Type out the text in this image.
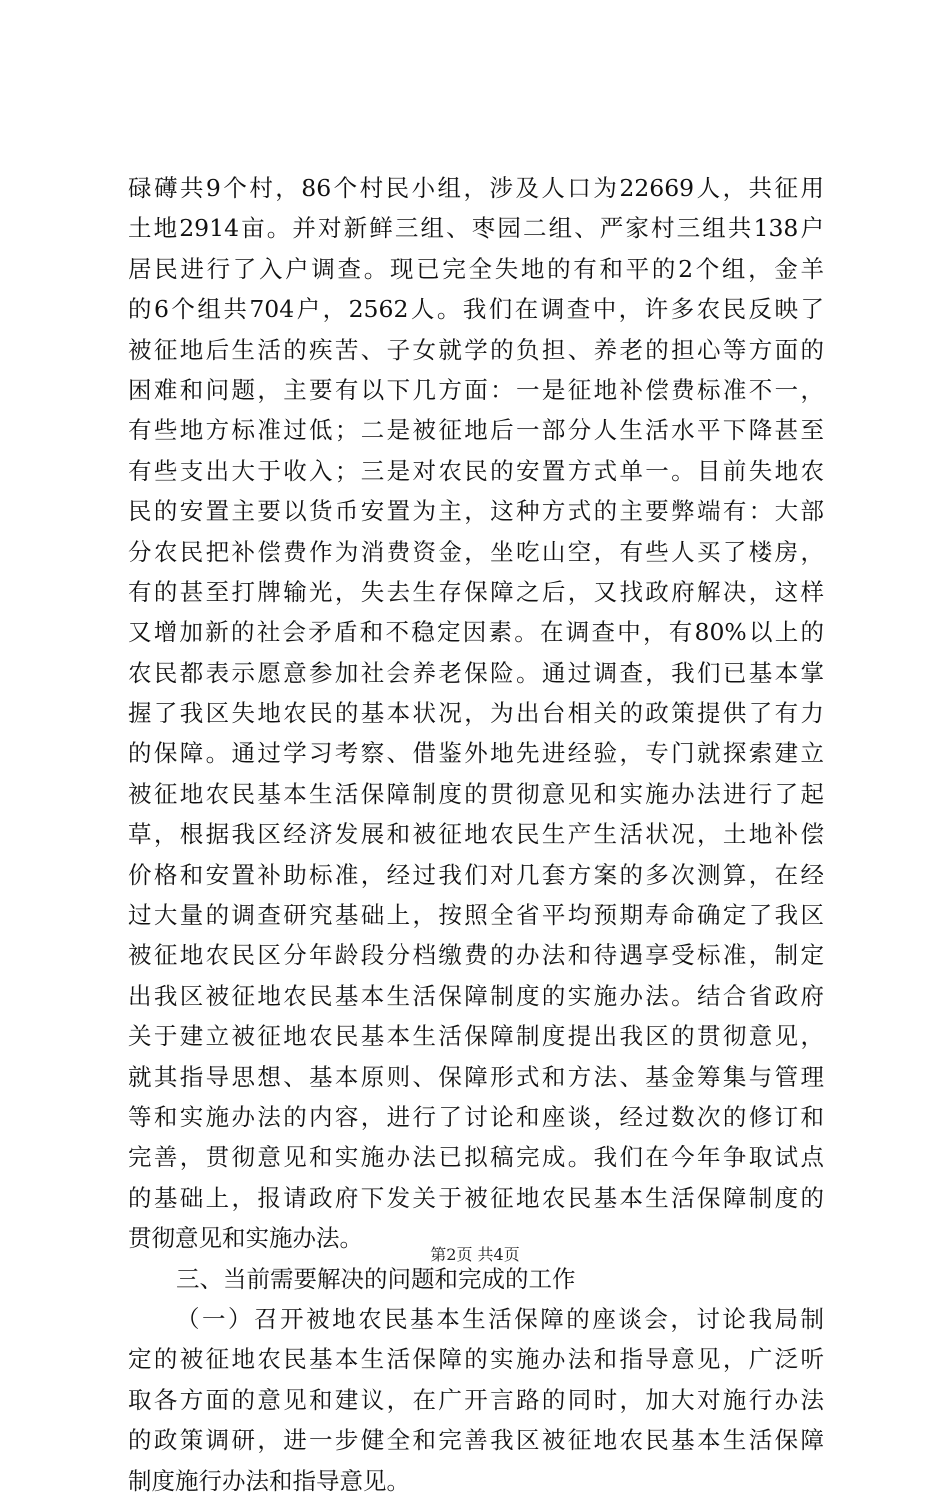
碌礡共9个村，86个村民小组，涉及人口为22669人，共征用
土地2914亩。并对新鲜三组、枣园二组、严家村三组共138户
居民进行了入户调查。现已完全失地的有和平的2个组，金羊
的6个组共704户，2562人。我们在调查中，许多农民反映了
被征地后生活的疾苦、子女就学的负担、养老的担心等方面的
困难和问题，主要有以下几方面：一是征地补偿费标准不一，
有些地方标准过低；二是被征地后一部分人生活水平下降甚至
有些支出大于收入；三是对农民的安置方式单一。目前失地农
民的安置主要以货币安置为主，这种方式的主要弊端有：大部
分农民把补偿费作为消费资金，坐吃山空，有些人买了楼房，
有的甚至打牌输光，失去生存保障之后，又找政府解决，这样
又增加新的社会矛盾和不稳定因素。在调查中，有80%以上的
农民都表示愿意参加社会养老保险。通过调查，我们已基本掌
握了我区失地农民的基本状况，为出台相关的政策提供了有力
的保障。通过学习考察、借鉴外地先进经验，专门就探索建立
被征地农民基本生活保障制度的贯彻意见和实施办法进行了起
草，根据我区经济发展和被征地农民生产生活状况，土地补偿
价格和安置补助标准，经过我们对几套方案的多次测算，在经
过大量的调查研究基础上，按照全省平均预期寿命确定了我区
被征地农民区分年龄段分档缴费的办法和待遇享受标准，制定
出我区被征地农民基本生活保障制度的实施办法。结合省政府
关于建立被征地农民基本生活保障制度提出我区的贯彻意见，
就其指导思想、基本原则、保障形式和方法、基金筹集与管理
等和实施办法的内容，进行了讨论和座谈，经过数次的修订和
完善，贯彻意见和实施办法已拟稿完成。我们在今年争取试点
的基础上，报请政府下发关于被征地农民基本生活保障制度的
贯彻意见和实施办法。
三、当前需要解决的问题和完成的工作
（一）召开被地农民基本生活保障的座谈会，讨论我局制
定的被征地农民基本生活保障的实施办法和指导意见，广泛听
取各方面的意见和建议，在广开言路的同时，加大对施行办法
的政策调研，进一步健全和完善我区被征地农民基本生活保障
制度施行办法和指导意见。
第2页 共4页
